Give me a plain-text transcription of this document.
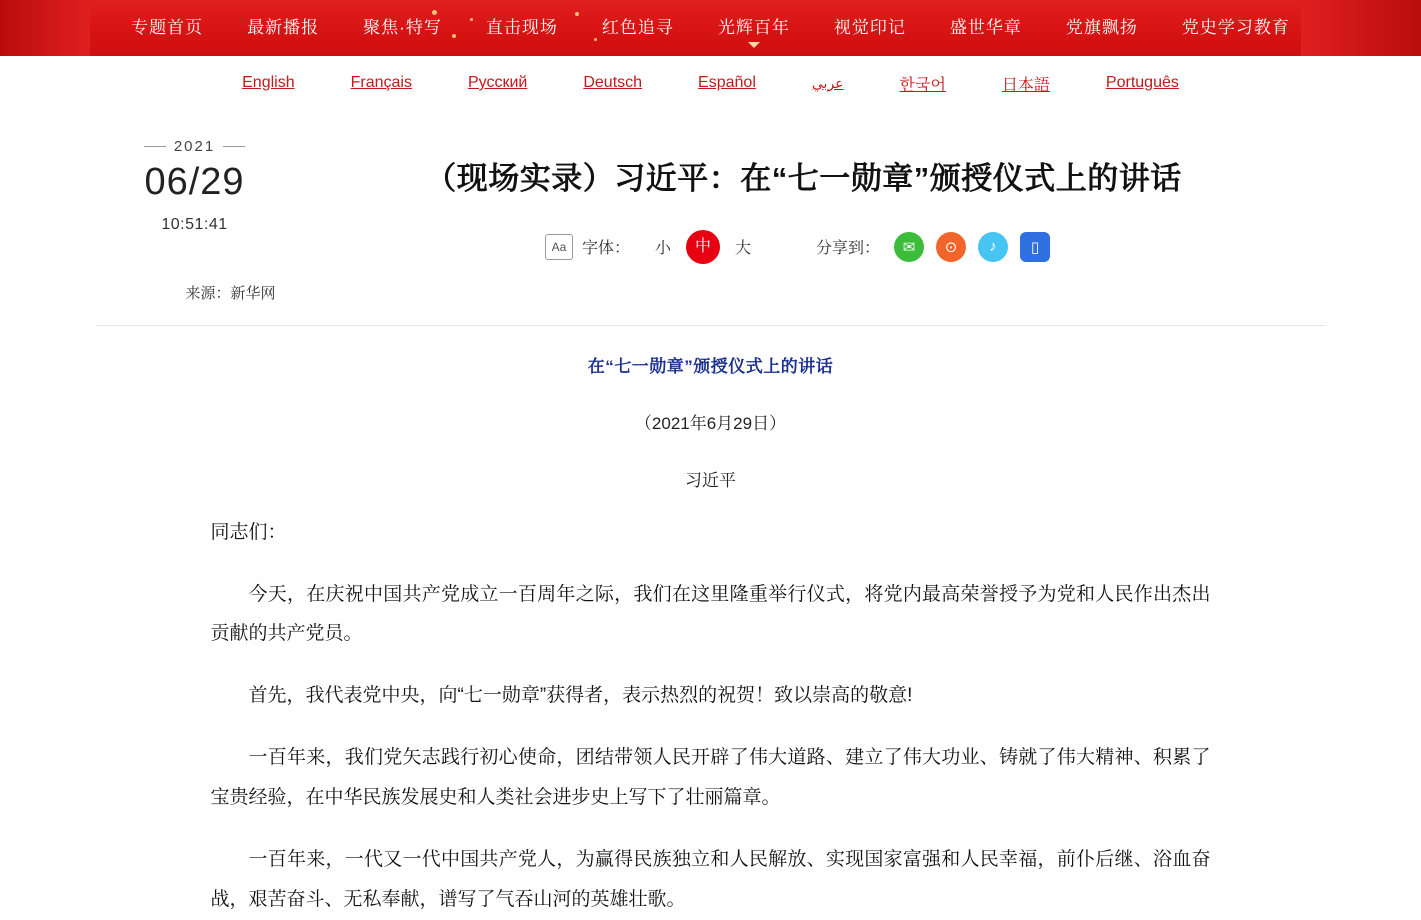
专题首页	最新播报	聚焦·特写	直击现场	红色追寻	光辉百年	视觉印记	盛世华章	党旗飘扬	党史学习教育
English	Français	Русский	Deutsch	Español	عربي	한국어	日本語	Português
2021
06/29
10:51:41
（现场实录）习近平：在“七一勋章”颁授仪式上的讲话
Aa 字体：	小	中	大	分享到： ✉ ⊙ ♪ ▯
来源：新华网
在“七一勋章”颁授仪式上的讲话
（2021年6月29日）
习近平

同志们：

今天，在庆祝中国共产党成立一百周年之际，我们在这里隆重举行仪式，将党内最高荣誉授予为党和人民作出杰出贡献的共产党员。

首先，我代表党中央，向“七一勋章”获得者，表示热烈的祝贺！致以崇高的敬意!

一百年来，我们党矢志践行初心使命，团结带领人民开辟了伟大道路、建立了伟大功业、铸就了伟大精神、积累了宝贵经验，在中华民族发展史和人类社会进步史上写下了壮丽篇章。

一百年来，一代又一代中国共产党人，为赢得民族独立和人民解放、实现国家富强和人民幸福，前仆后继、浴血奋战，艰苦奋斗、无私奉献，谱写了气吞山河的英雄壮歌。
